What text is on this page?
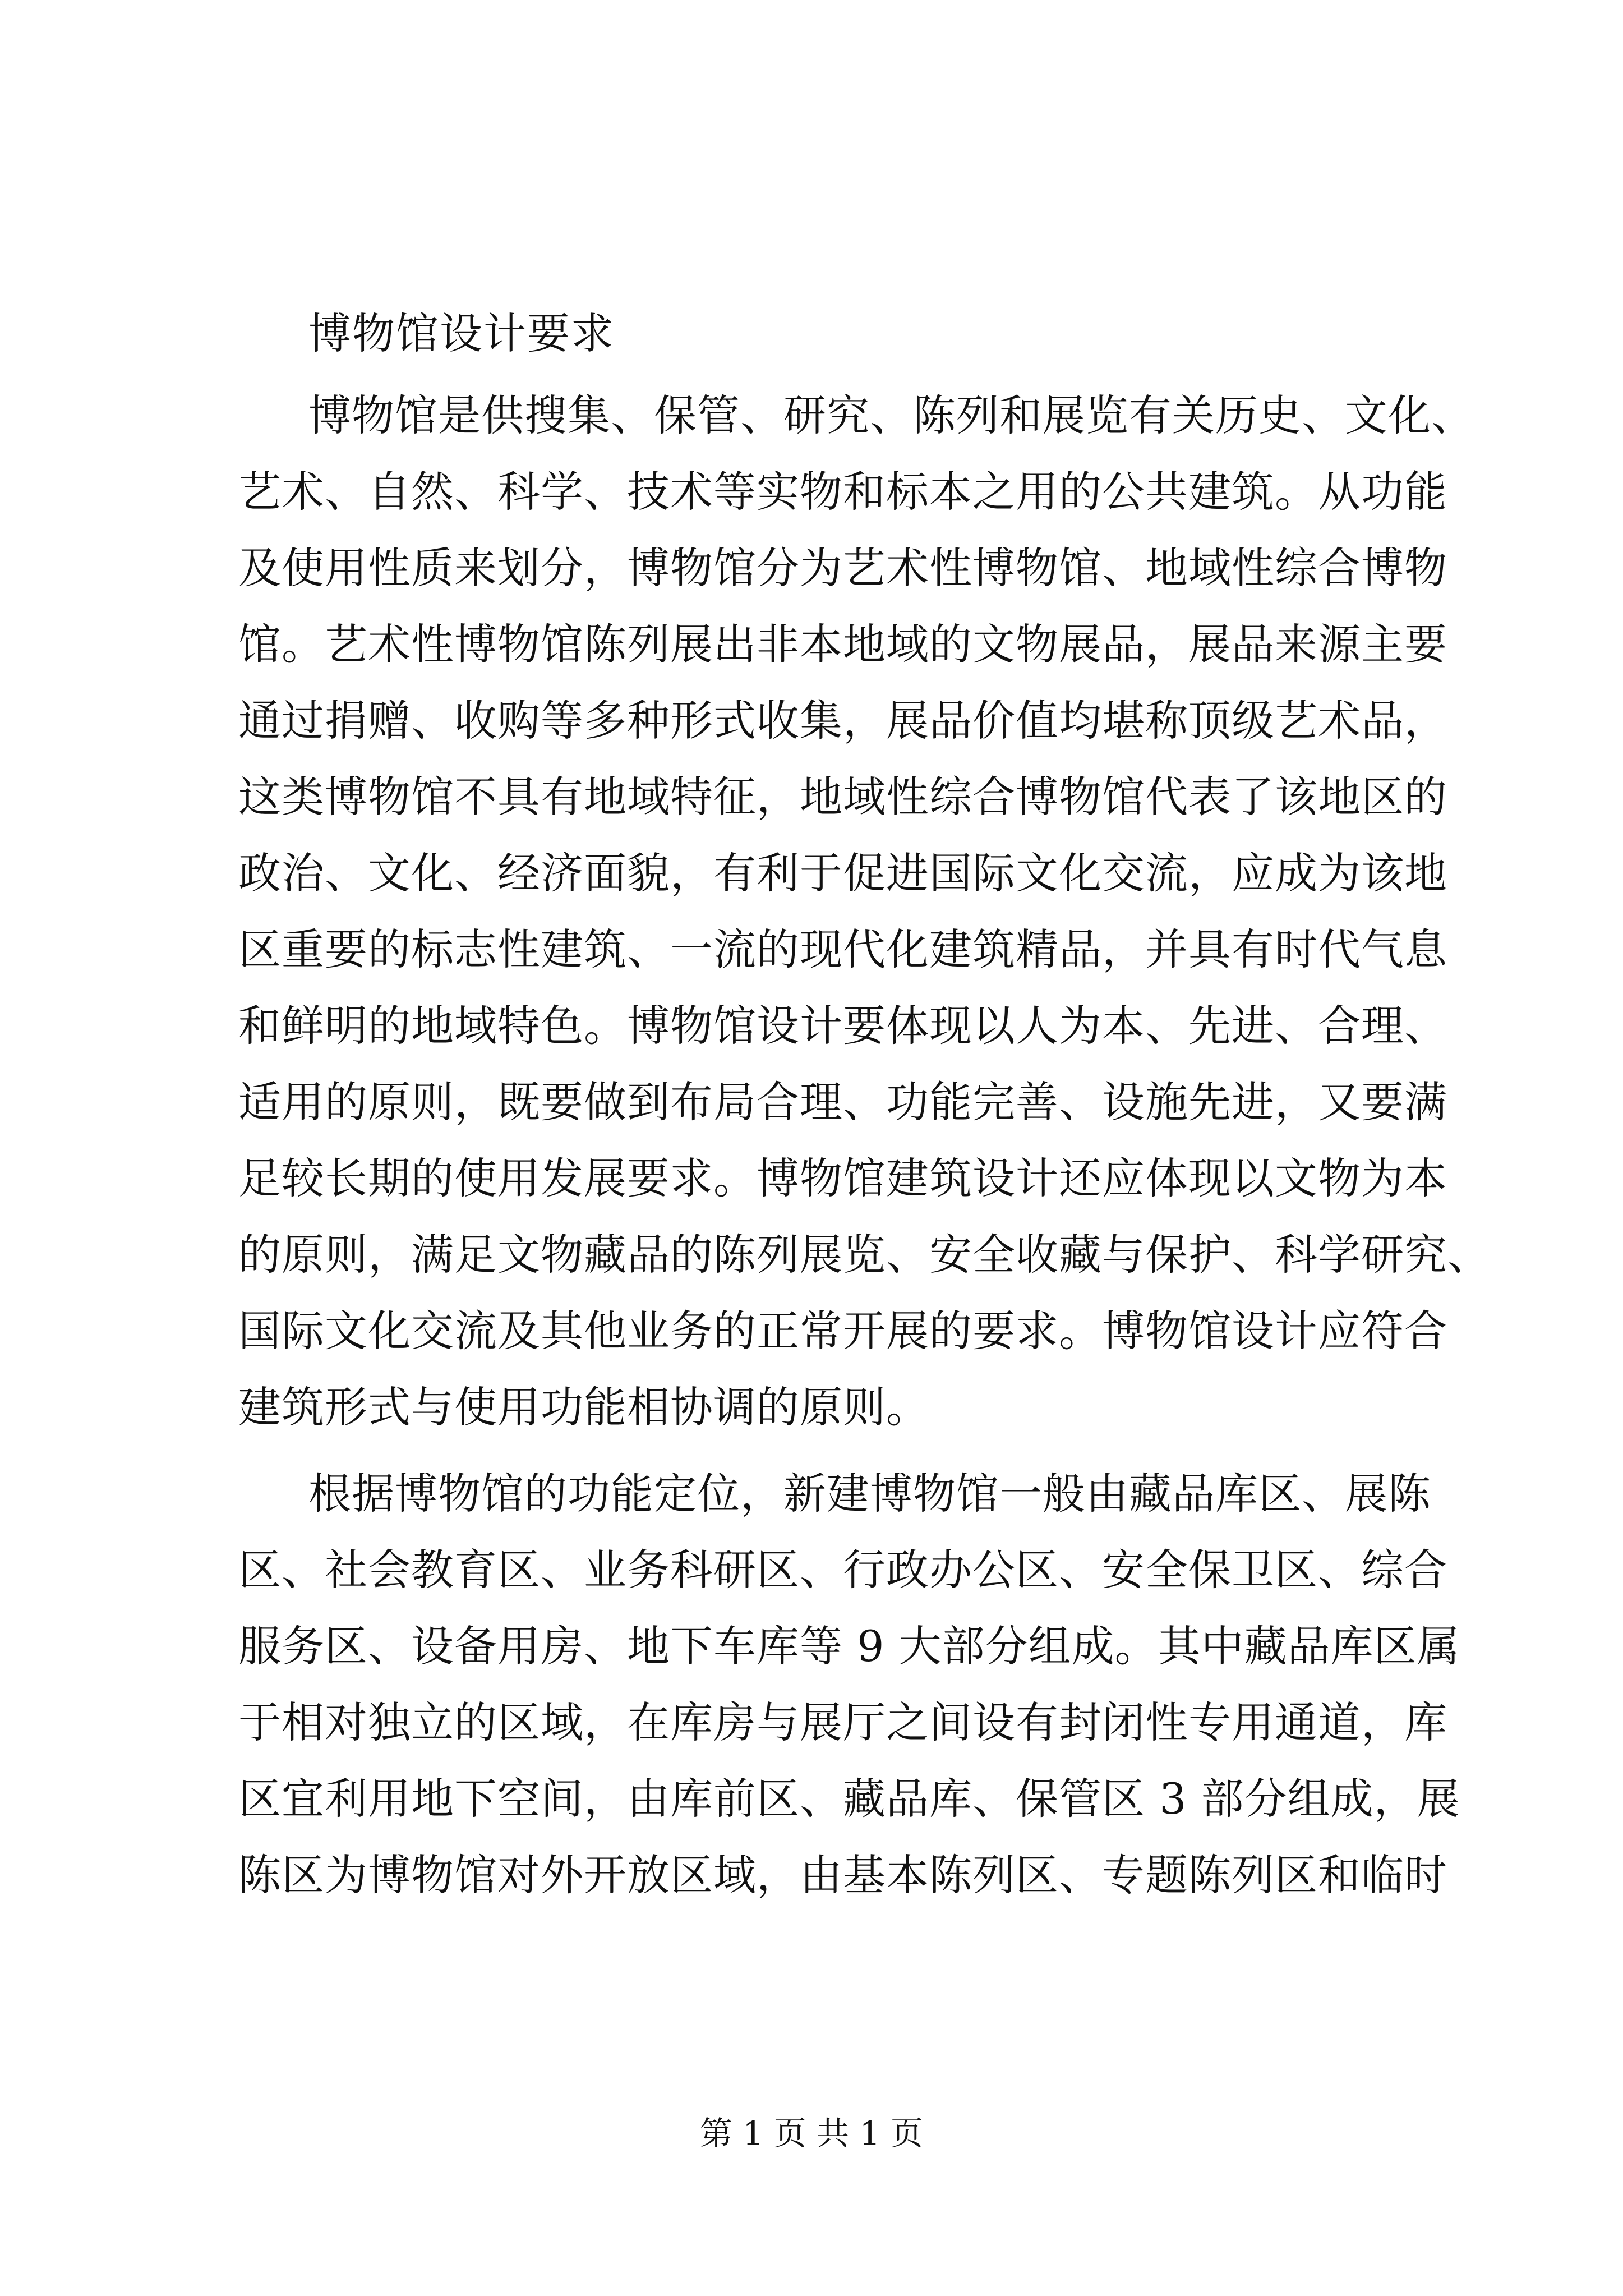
博物馆设计要求

博物馆是供搜集、保管、研究、陈列和展览有关历史、文化、
艺术、自然、科学、技术等实物和标本之用的公共建筑。从功能
及使用性质来划分，博物馆分为艺术性博物馆、地域性综合博物
馆。艺术性博物馆陈列展出非本地域的文物展品，展品来源主要
通过捐赠、收购等多种形式收集，展品价值均堪称顶级艺术品，
这类博物馆不具有地域特征，地域性综合博物馆代表了该地区的
政治、文化、经济面貌，有利于促进国际文化交流，应成为该地
区重要的标志性建筑、一流的现代化建筑精品，并具有时代气息
和鲜明的地域特色。博物馆设计要体现以人为本、先进、合理、
适用的原则，既要做到布局合理、功能完善、设施先进，又要满
足较长期的使用发展要求。博物馆建筑设计还应体现以文物为本
的原则，满足文物藏品的陈列展览、安全收藏与保护、科学研究、
国际文化交流及其他业务的正常开展的要求。博物馆设计应符合
建筑形式与使用功能相协调的原则。

根据博物馆的功能定位，新建博物馆一般由藏品库区、展陈
区、社会教育区、业务科研区、行政办公区、安全保卫区、综合
服务区、设备用房、地下车库等 9 大部分组成。其中藏品库区属
于相对独立的区域，在库房与展厅之间设有封闭性专用通道，库
区宜利用地下空间，由库前区、藏品库、保管区 3 部分组成，展
陈区为博物馆对外开放区域，由基本陈列区、专题陈列区和临时

第 1 页 共 1 页
